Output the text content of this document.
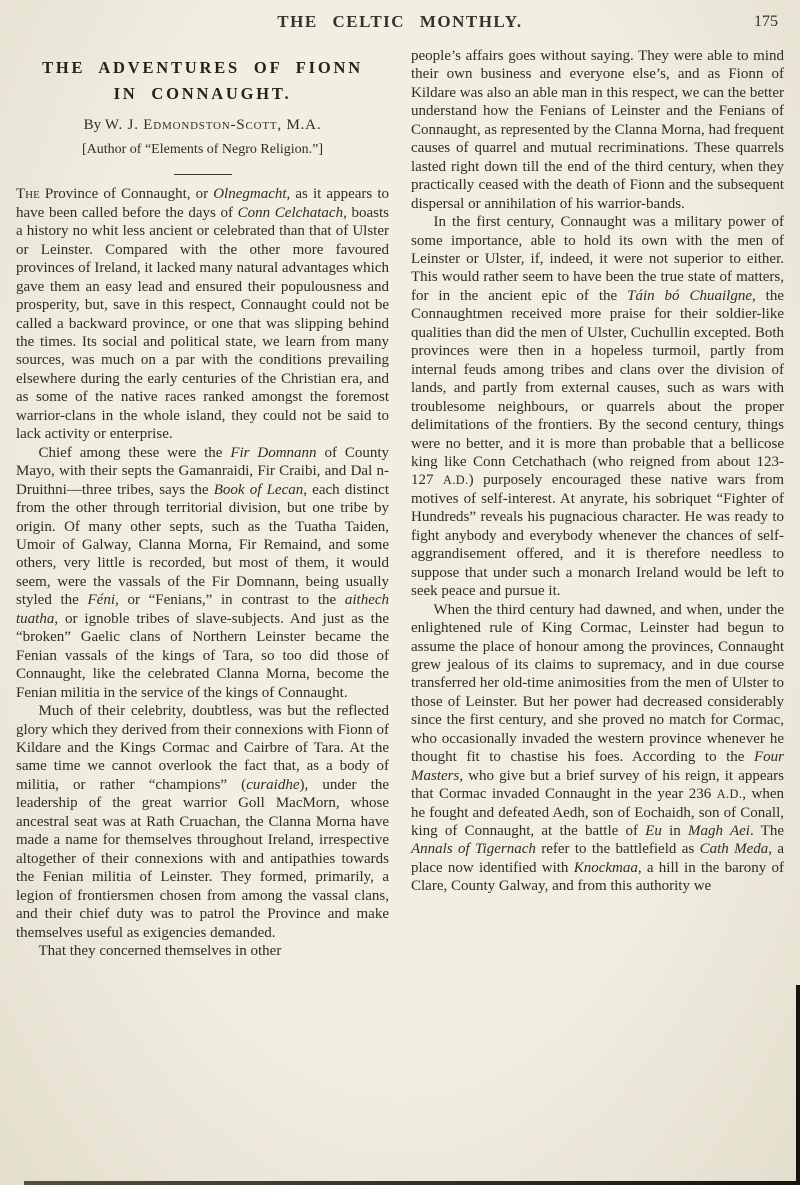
THE CELTIC MONTHLY.	175
THE ADVENTURES OF FIONN
IN CONNAUGHT.
By W. J. Edmondston-Scott, M.A.
[Author of “Elements of Negro Religion.”]

The Province of Connaught, or Olnegmacht, as it appears to have been called before the days of Conn Celchatach, boasts a history no whit less ancient or celebrated than that of Ulster or Leinster. Compared with the other more favoured provinces of Ireland, it lacked many natural advantages which gave them an easy lead and ensured their populousness and prosperity, but, save in this respect, Connaught could not be called a backward province, or one that was slipping behind the times. Its social and political state, we learn from many sources, was much on a par with the conditions prevailing elsewhere during the early centuries of the Christian era, and as some of the native races ranked amongst the foremost warrior-clans in the whole island, they could not be said to lack activity or enterprise.

Chief among these were the Fir Domnann of County Mayo, with their septs the Gamanraidi, Fir Craibi, and Dal n-Druithni—three tribes, says the Book of Lecan, each distinct from the other through territorial division, but one tribe by origin. Of many other septs, such as the Tuatha Taiden, Umoir of Galway, Clanna Morna, Fir Remaind, and some others, very little is recorded, but most of them, it would seem, were the vassals of the Fir Domnann, being usually styled the Féni, or “Fenians,” in contrast to the aithech tuatha, or ignoble tribes of slave-subjects. And just as the “broken” Gaelic clans of Northern Leinster became the Fenian vassals of the kings of Tara, so too did those of Connaught, like the celebrated Clanna Morna, become the Fenian militia in the service of the kings of Connaught.

Much of their celebrity, doubtless, was but the reflected glory which they derived from their connexions with Fionn of Kildare and the Kings Cormac and Cairbre of Tara. At the same time we cannot overlook the fact that, as a body of militia, or rather “champions” (curaidhe), under the leadership of the great warrior Goll MacMorn, whose ancestral seat was at Rath Cruachan, the Clanna Morna have made a name for themselves throughout Ireland, irrespective altogether of their connexions with and antipathies towards the Fenian militia of Leinster. They formed, primarily, a legion of frontiersmen chosen from among the vassal clans, and their chief duty was to patrol the Province and make themselves useful as exigencies demanded.

That they concerned themselves in other

people’s affairs goes without saying. They were able to mind their own business and everyone else’s, and as Fionn of Kildare was also an able man in this respect, we can the better understand how the Fenians of Leinster and the Fenians of Connaught, as represented by the Clanna Morna, had frequent causes of quarrel and mutual recriminations. These quarrels lasted right down till the end of the third century, when they practically ceased with the death of Fionn and the subsequent dispersal or annihilation of his warrior-bands.

In the first century, Connaught was a military power of some importance, able to hold its own with the men of Leinster or Ulster, if, indeed, it were not superior to either. This would rather seem to have been the true state of matters, for in the ancient epic of the Táin bó Chuailgne, the Connaughtmen received more praise for their soldier-like qualities than did the men of Ulster, Cuchullin excepted. Both provinces were then in a hopeless turmoil, partly from internal feuds among tribes and clans over the division of lands, and partly from external causes, such as wars with troublesome neighbours, or quarrels about the proper delimitations of the frontiers. By the second century, things were no better, and it is more than probable that a bellicose king like Conn Cetchathach (who reigned from about 123-127 A.D.) purposely encouraged these native wars from motives of self-interest. At anyrate, his sobriquet “Fighter of Hundreds” reveals his pugnacious character. He was ready to fight anybody and everybody whenever the chances of self-aggrandisement offered, and it is therefore needless to suppose that under such a monarch Ireland would be left to seek peace and pursue it.

When the third century had dawned, and when, under the enlightened rule of King Cormac, Leinster had begun to assume the place of honour among the provinces, Connaught grew jealous of its claims to supremacy, and in due course transferred her old-time animosities from the men of Ulster to those of Leinster. But her power had decreased considerably since the first century, and she proved no match for Cormac, who occasionally invaded the western province whenever he thought fit to chastise his foes. According to the Four Masters, who give but a brief survey of his reign, it appears that Cormac invaded Connaught in the year 236 A.D., when he fought and defeated Aedh, son of Eochaidh, son of Conall, king of Connaught, at the battle of Eu in Magh Aei. The Annals of Tigernach refer to the battlefield as Cath Meda, a place now identified with Knockmaa, a hill in the barony of Clare, County Galway, and from this authority we
